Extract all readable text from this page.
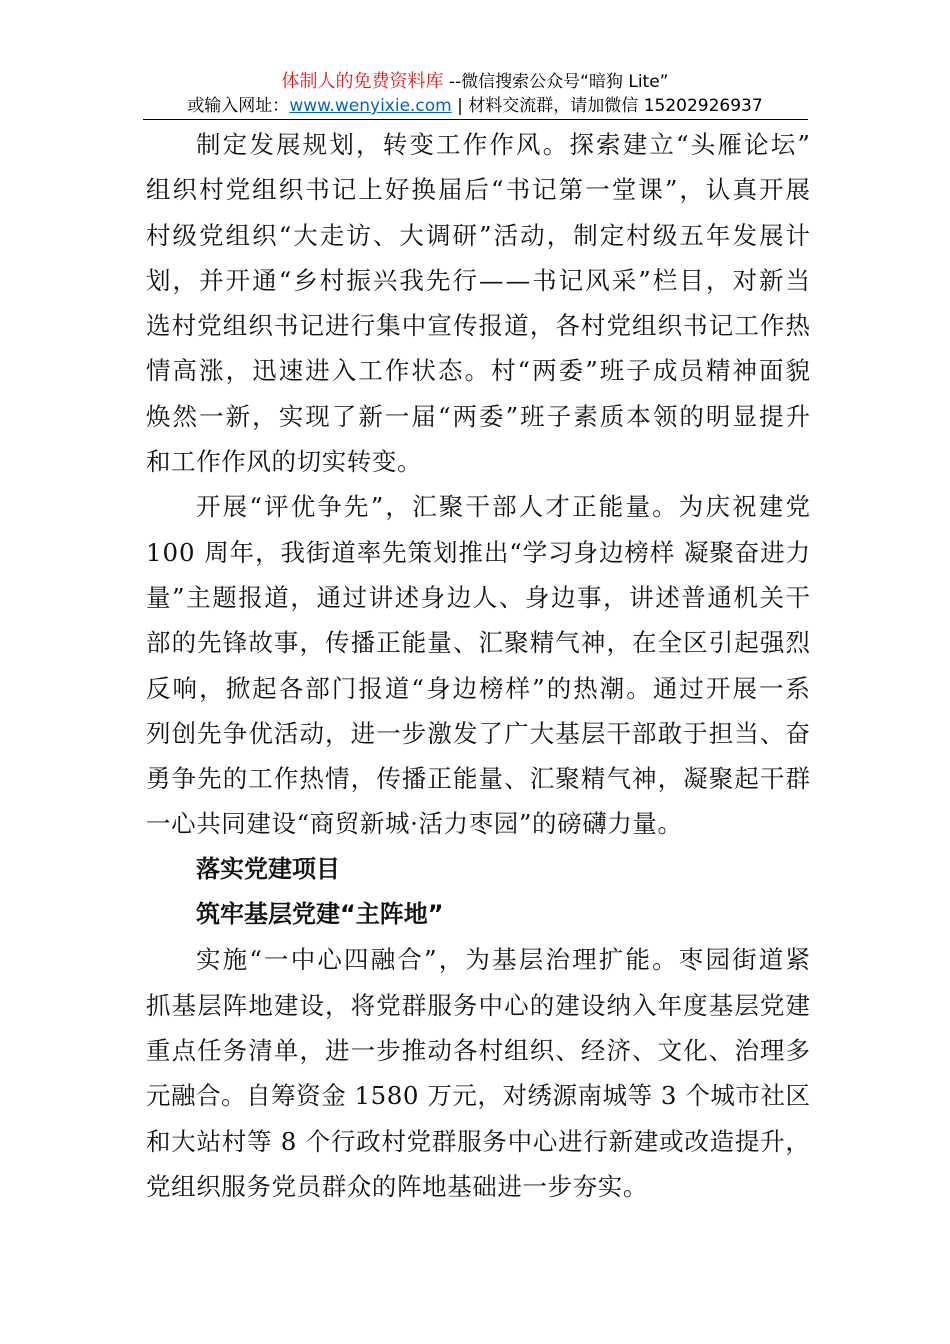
体制人的免费资料库 --微信搜索公众号“暗狗 Lite”
或输入网址：www.wenyixie.com | 材料交流群，请加微信 15202926937
制定发展规划，转变工作作风。探索建立“头雁论坛”
组织村党组织书记上好换届后“书记第一堂课”，认真开展
村级党组织“大走访、大调研”活动，制定村级五年发展计
划，并开通“乡村振兴我先行——书记风采”栏目，对新当
选村党组织书记进行集中宣传报道，各村党组织书记工作热
情高涨，迅速进入工作状态。村“两委”班子成员精神面貌
焕然一新，实现了新一届“两委”班子素质本领的明显提升
和工作作风的切实转变。
开展“评优争先”，汇聚干部人才正能量。为庆祝建党
100 周年，我街道率先策划推出“学习身边榜样 凝聚奋进力
量”主题报道，通过讲述身边人、身边事，讲述普通机关干
部的先锋故事，传播正能量、汇聚精气神，在全区引起强烈
反响，掀起各部门报道“身边榜样”的热潮。通过开展一系
列创先争优活动，进一步激发了广大基层干部敢于担当、奋
勇争先的工作热情，传播正能量、汇聚精气神，凝聚起干群
一心共同建设“商贸新城·活力枣园”的磅礴力量。
落实党建项目
筑牢基层党建“主阵地”
实施“一中心四融合”，为基层治理扩能。枣园街道紧
抓基层阵地建设，将党群服务中心的建设纳入年度基层党建
重点任务清单，进一步推动各村组织、经济、文化、治理多
元融合。自筹资金 1580 万元，对绣源南城等 3 个城市社区
和大站村等 8 个行政村党群服务中心进行新建或改造提升，
党组织服务党员群众的阵地基础进一步夯实。
